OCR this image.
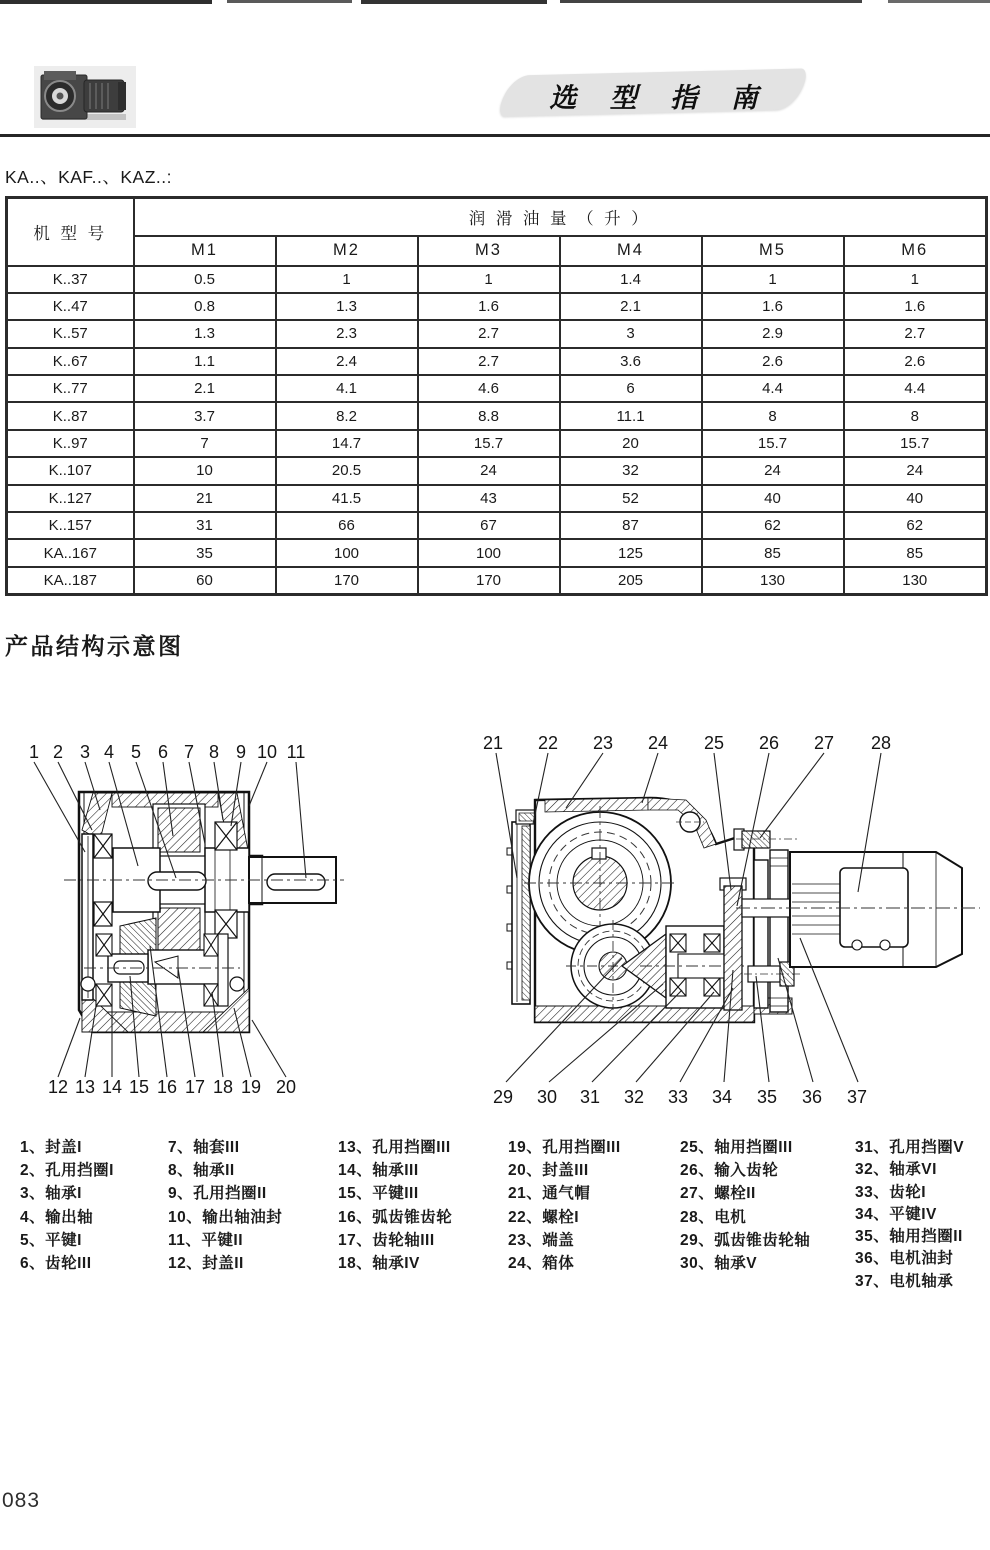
选 型 指 南
KA..、KAF..、KAZ..:
机 型 号	润 滑 油 量 （ 升 ）					
	M1	M2	M3	M4	M5	M6
K..37	0.5	1	1	1.4	1	1
K..47	0.8	1.3	1.6	2.1	1.6	1.6
K..57	1.3	2.3	2.7	3	2.9	2.7
K..67	1.1	2.4	2.7	3.6	2.6	2.6
K..77	2.1	4.1	4.6	6	4.4	4.4
K..87	3.7	8.2	8.8	11.1	8	8
K..97	7	14.7	15.7	20	15.7	15.7
K..107	10	20.5	24	32	24	24
K..127	21	41.5	43	52	40	40
K..157	31	66	67	87	62	62
KA..167	35	100	100	125	85	85
KA..187	60	170	170	205	130	130
产品结构示意图
1 2 3 4 5 6 7 8 9 10 11
12 13 14 15 16 17 18 19 20
21 22 23 24 25 26 27 28
29 30 31 32 33 34 35 36 37
1、封盖I
2、孔用挡圈I
3、轴承I
4、输出轴
5、平键I
6、齿轮III
7、轴套III
8、轴承II
9、孔用挡圈II
10、输出轴油封
11、平键II
12、封盖II
13、孔用挡圈III
14、轴承III
15、平键III
16、弧齿锥齿轮
17、齿轮轴III
18、轴承IV
19、孔用挡圈III
20、封盖III
21、通气帽
22、螺栓I
23、端盖
24、箱体
25、轴用挡圈III
26、输入齿轮
27、螺栓II
28、电机
29、弧齿锥齿轮轴
30、轴承V
31、孔用挡圈V
32、轴承VI
33、齿轮I
34、平键IV
35、轴用挡圈II
36、电机油封
37、电机轴承
083
